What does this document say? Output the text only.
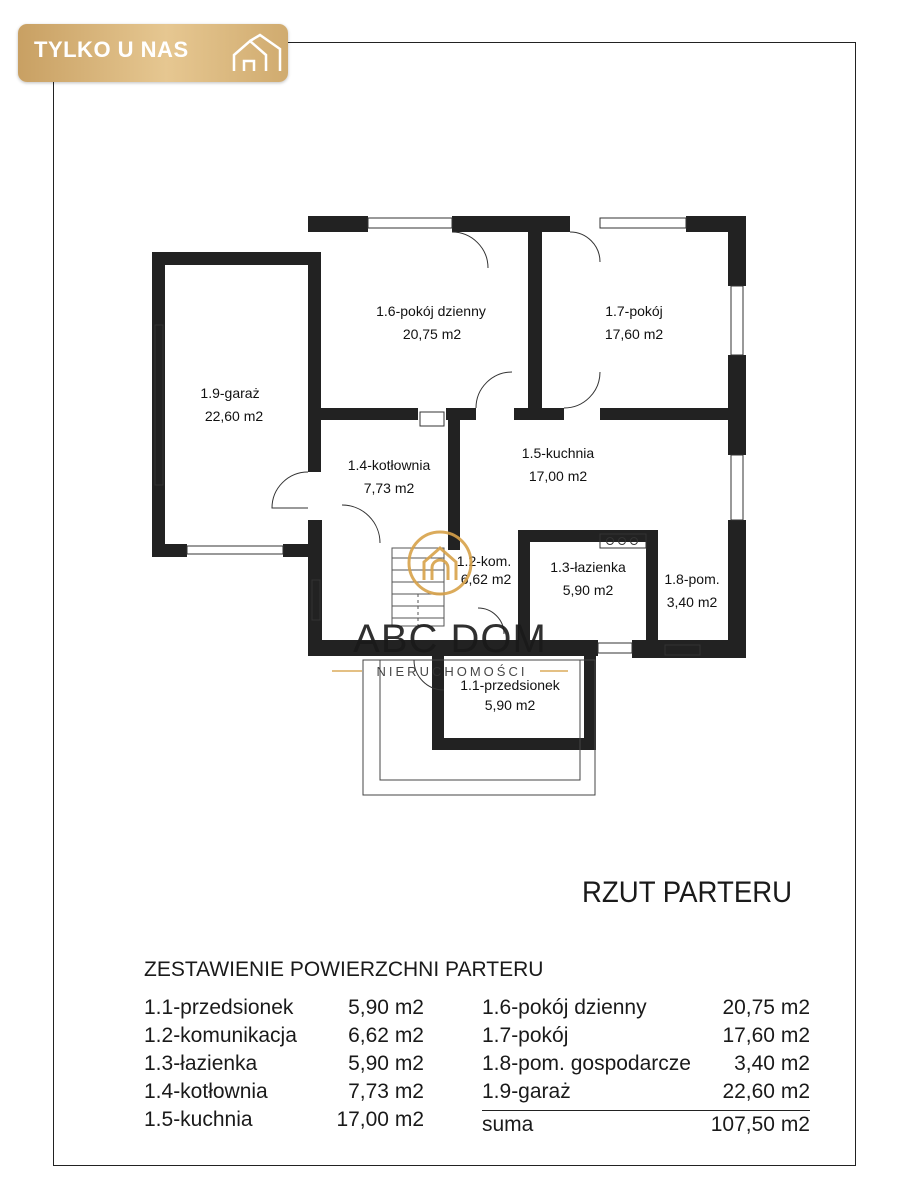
TYLKO U NAS
1.9-garaż
22,60 m2
1.6-pokój dzienny
20,75 m2
1.7-pokój
17,60 m2
1.4-kotłownia
7,73 m2
1.5-kuchnia
17,00 m2
1.2-kom.
6,62 m2
1.3-łazienka
5,90 m2
1.8-pom.
3,40 m2
1.1-przedsionek
5,90 m2
ABC DOM
NIERUCHOMOŚCI
RZUT PARTERU
ZESTAWIENIE POWIERZCHNI PARTERU
1.1-przedsionek	5,90 m2
1.2-komunikacja 6,62 m2
1.3-łazienka	5,90 m2
1.4-kotłownia	7,73 m2
1.5-kuchnia	17,00 m2
1.6-pokój dzienny	20,75 m2
1.7-pokój	17,60 m2
1.8-pom. gospodarcze 3,40 m2
1.9-garaż	22,60 m2
suma	107,50 m2
